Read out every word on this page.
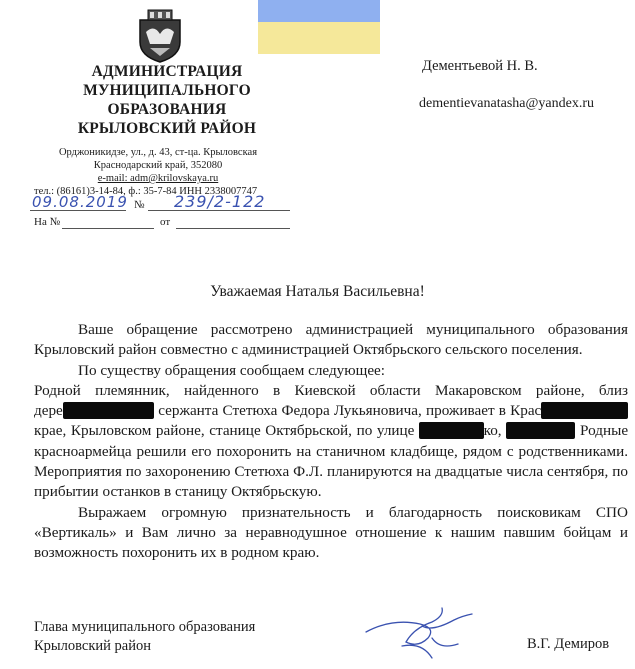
АДМИНИСТРАЦИЯ
МУНИЦИПАЛЬНОГО
ОБРАЗОВАНИЯ
КРЫЛОВСКИЙ РАЙОН
Орджоникидзе, ул., д. 43, ст-ца. Крыловская
Краснодарский край, 352080
e-mail: adm@krilovskaya.ru
тел.: (86161)3-14-84, ф.: 35-7-84 ИНН 2338007747
№
09.08.2019	239/2-122
На №	от
Дементьевой Н. В.
dementievanatasha@yandex.ru
Уважаемая Наталья Васильевна!

Ваше обращение рассмотрено администрацией муниципального образования Крыловский район совместно с администрацией Октябрьского сельского поселения.

По существу обращения сообщаем следующее:

Родной племянник, найденного в Киевской области Макаровском районе, близ дере	сержанта Стетюха Федора Лукьяновича, проживает в Крас                      крае, Крыловском районе, станице Октябрьской, по улице	ко,	Родные красноармейца решили его похоронить на станичном кладбище, рядом с родственниками. Мероприятия по захоронению Стетюха Ф.Л. планируются на двадцатые числа сентября, по прибытии останков в станицу Октябрьскую.

Выражаем огромную признательность и благодарность поисковикам СПО «Вертикаль» и Вам лично за неравнодушное отношение к нашим павшим бойцам и возможность похоронить их в родном краю.

Глава муниципального образования
Крыловский район	В.Г. Демиров
